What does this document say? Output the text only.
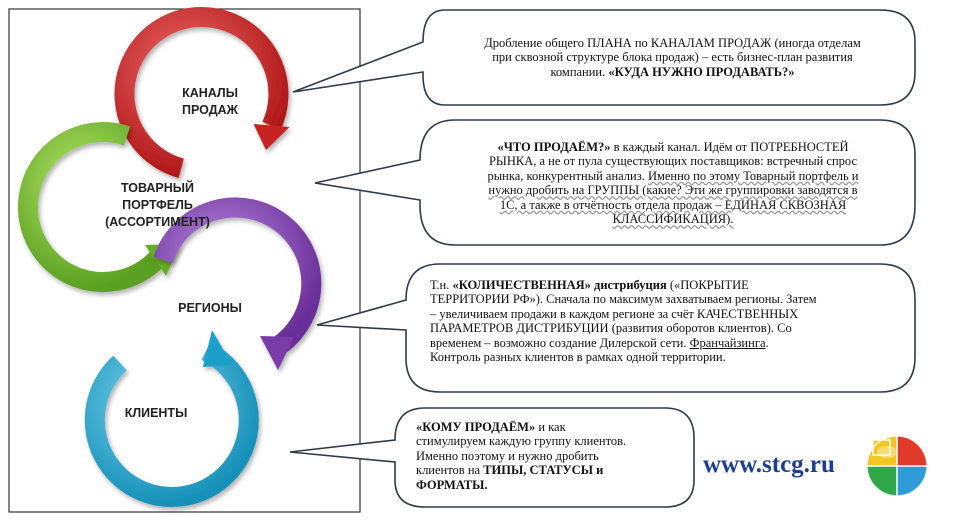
КАНАЛЫ
ПРОДАЖ
ТОВАРНЫЙ
ПОРТФЕЛЬ
(АССОРТИМЕНТ)
РЕГИОНЫ
КЛИЕНТЫ
Дробление общего ПЛАНА по КАНАЛАМ ПРОДАЖ (иногда отделам
при сквозной структуре блока продаж) – есть бизнес-план развития
компании. «КУДА НУЖНО ПРОДАВАТЬ?»
«ЧТО ПРОДАЁМ?» в каждый канал. Идём от ПОТРЕБНОСТЕЙ
РЫНКА, а не от пула существующих поставщиков: встречный спрос
рынка, конкурентный анализ. Именно по этому Товарный портфель и
нужно дробить на ГРУППЫ (какие? Эти же группировки заводятся в
1С, а также в отчётность отдела продаж – ЕДИНАЯ СКВОЗНАЯ
КЛАССИФИКАЦИЯ).
Т.н. «КОЛИЧЕСТВЕННАЯ» дистрибуция («ПОКРЫТИЕ
ТЕРРИТОРИИ РФ»). Сначала по максимум захватываем регионы. Затем
– увеличиваем продажи в каждом регионе за счёт КАЧЕСТВЕННЫХ
ПАРАМЕТРОВ ДИСТРИБУЦИИ (развития оборотов клиентов). Со
временем – возможно создание Дилерской сети. Франчайзинга.
Контроль разных клиентов в рамках одной территории.
«КОМУ ПРОДАЁМ» и как
стимулируем каждую группу клиентов.
Именно поэтому и нужно дробить
клиентов на ТИПЫ, СТАТУСЫ и
ФОРМАТЫ.
www.stcg.ru
